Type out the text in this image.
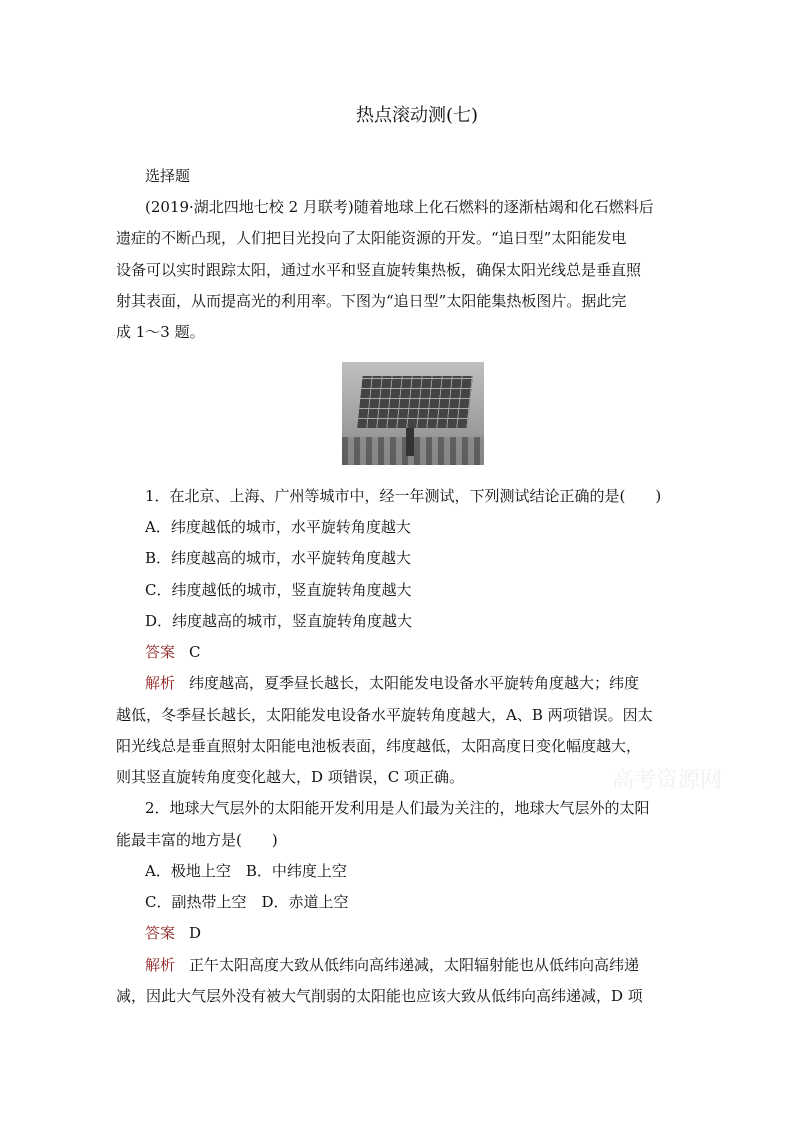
热点滚动测(七)
选择题
(2019·湖北四地七校 2 月联考)随着地球上化石燃料的逐渐枯竭和化石燃料后
遗症的不断凸现，人们把目光投向了太阳能资源的开发。“追日型”太阳能发电
设备可以实时跟踪太阳，通过水平和竖直旋转集热板，确保太阳光线总是垂直照
射其表面，从而提高光的利用率。下图为“追日型”太阳能集热板图片。据此完
成 1～3 题。
1．在北京、上海、广州等城市中，经一年测试，下列测试结论正确的是(　　)
A．纬度越低的城市，水平旋转角度越大
B．纬度越高的城市，水平旋转角度越大
C．纬度越低的城市，竖直旋转角度越大
D．纬度越高的城市，竖直旋转角度越大
答案 C
解析 纬度越高，夏季昼长越长，太阳能发电设备水平旋转角度越大；纬度
越低，冬季昼长越长，太阳能发电设备水平旋转角度越大，A、B 两项错误。因太
阳光线总是垂直照射太阳能电池板表面，纬度越低，太阳高度日变化幅度越大，
则其竖直旋转角度变化越大，D 项错误，C 项正确。	高考资源网
2．地球大气层外的太阳能开发利用是人们最为关注的，地球大气层外的太阳
能最丰富的地方是(　　)
A．极地上空　B．中纬度上空
C．副热带上空　D．赤道上空
答案 D
解析 正午太阳高度大致从低纬向高纬递减，太阳辐射能也从低纬向高纬递
减，因此大气层外没有被大气削弱的太阳能也应该大致从低纬向高纬递减，D 项
